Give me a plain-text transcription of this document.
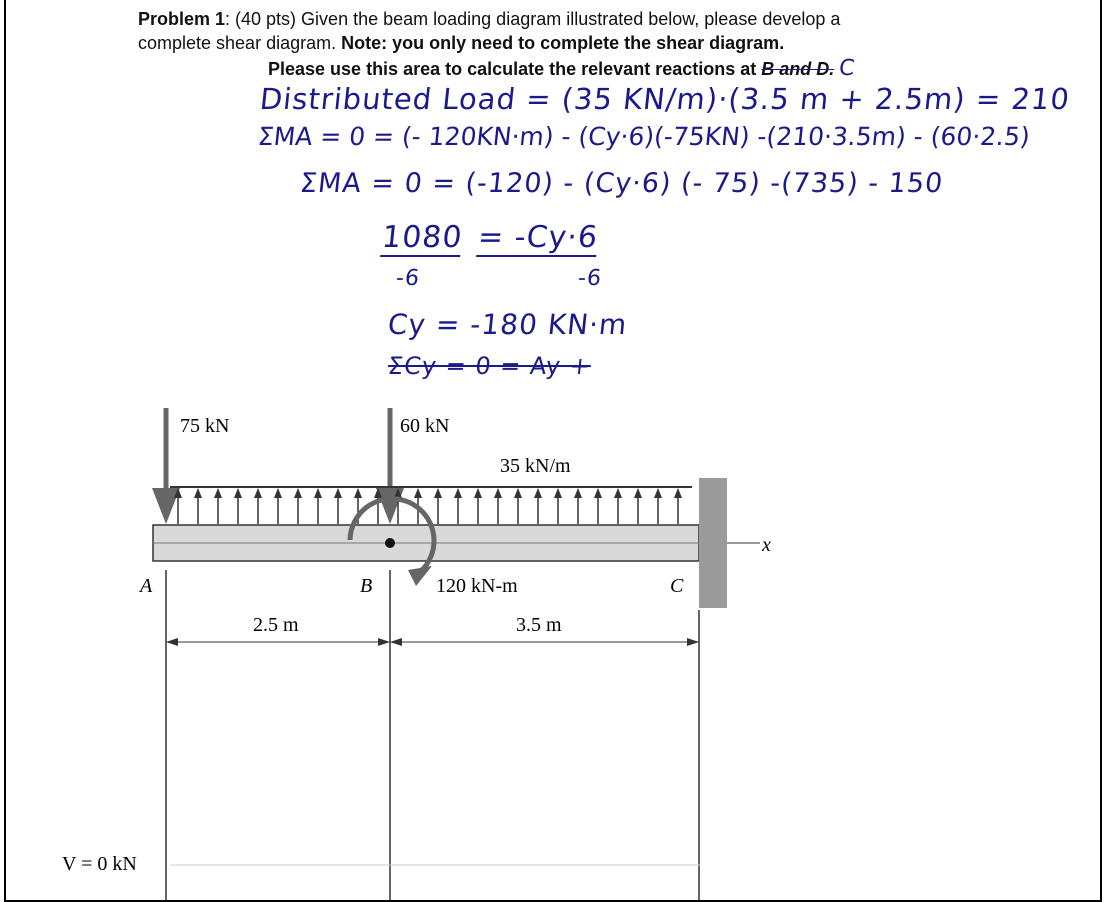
Problem 1: (40 pts) Given the beam loading diagram illustrated below, please develop a
complete shear diagram. Note: you only need to complete the shear diagram.
Please use this area to calculate the relevant reactions at B and D. C
Distributed Load = (35 KN/m)·(3.5 m + 2.5m) = 210
ΣMA = 0 = (- 120KN·m) - (Cy·6)(-75KN) -(210·3.5m) - (60·2.5)
ΣMA = 0 = (-120) - (Cy·6) (- 75) -(735) - 150
1080 = -Cy·6
-6	-6
Cy = -180 KN·m
ΣCy = 0 = Ay +
75 kN	60 kN
35 kN/m
x
120 kN-m
A	B	C
2.5 m	3.5 m
V = 0 kN
